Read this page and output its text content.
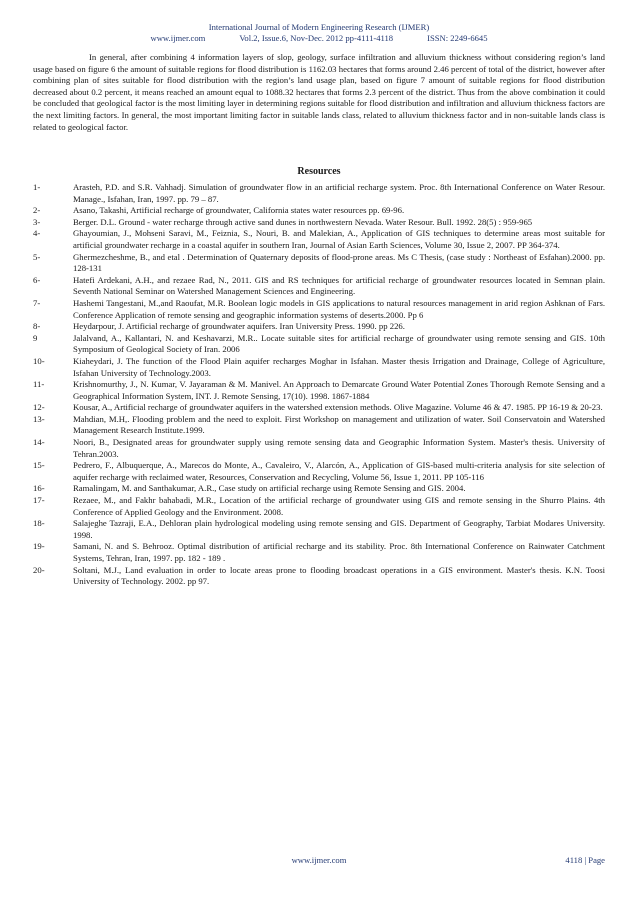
International Journal of Modern Engineering Research (IJMER)
www.ijmer.com	Vol.2, Issue.6, Nov-Dec. 2012 pp-4111-4118	ISSN: 2249-6645

In general, after combining 4 information layers of slop, geology, surface infiltration and alluvium thickness without considering region’s land usage based on figure 6 the amount of suitable regions for flood distribution is 1162.03 hectares that forms around 2.46 percent of total of the district, however after combining plan of sites suitable for flood distribution with the region’s land usage plan, based on figure 7 amount of suitable regions for flood distribution decreased about 0.2 percent, it means reached an amount equal to 1088.32 hectares that forms 2.3 percent of the district. Thus from the above combination it could be concluded that geological factor is the most limiting layer in determining regions suitable for flood distribution and infiltration and alluvium thickness factors are the next limiting factors. In general, the most important limiting factor in suitable lands class, related to alluvium thickness factor and in non-suitable lands class is related to geological factor.

Resources
1-	Arasteh, P.D. and S.R. Vahhadj. Simulation of groundwater flow in an artificial recharge system. Proc. 8th International Conference on Water Resour. Manage., Isfahan, Iran, 1997. pp. 79 – 87.
2-	Asano, Takashi, Artificial recharge of groundwater, California states water resources pp. 69-96.
3-	Berger. D.L. Ground - water recharge through active sand dunes in northwestern Nevada. Water Resour. Bull. 1992. 28(5) : 959-965
4-	Ghayoumian, J., Mohseni Saravi, M., Feiznia, S., Nouri, B. and Malekian, A., Application of GIS techniques to determine areas most suitable for artificial groundwater recharge in a coastal aquifer in southern Iran, Journal of Asian Earth Sciences, Volume 30, Issue 2, 2007. PP 364-374.
5-	Ghermezcheshme, B., and etal . Determination of Quaternary deposits of flood-prone areas. Ms C Thesis, (case study : Northeast of Esfahan).2000. pp. 128-131
6-	Hatefi Ardekani, A.H., and rezaee Rad, N., 2011. GIS and RS techniques for artificial recharge of groundwater resources located in Semnan plain. Seventh National Seminar on Watershed Management Sciences and Engineering.
7-	Hashemi Tangestani, M.,and Raoufat, M.R. Boolean logic models in GIS applications to natural resources management in arid region Ashknan of Fars. Conference Application of remote sensing and geographic information systems of deserts.2000. Pp 6
8-	Heydarpour, J. Artificial recharge of groundwater aquifers. Iran University Press. 1990. pp 226.
9	Jalalvand, A., Kallantari, N. and Keshavarzi, M.R.. Locate suitable sites for artificial recharge of groundwater using remote sensing and GIS. 10th Symposium of Geological Society of Iran. 2006
10-	Kiaheydari, J. The function of the Flood Plain aquifer recharges Moghar in Isfahan. Master thesis Irrigation and Drainage, College of Agriculture, Isfahan University of Technology.2003.
11-	Krishnomurthy, J., N. Kumar, V. Jayaraman & M. Manivel. An Approach to Demarcate Ground Water Potential Zones Thorough Remote Sensing and a Geographical Information System, INT. J. Remote Sensing, 17(10). 1998. 1867-1884
12-	Kousar, A., Artificial recharge of groundwater aquifers in the watershed extension methods. Olive Magazine. Volume 46 & 47. 1985. PP 16-19 & 20-23.
13-	Mahdian, M.H,. Flooding problem and the need to exploit. First Workshop on management and utilization of water. Soil Conservatoin and Watershed Management Research Institute.1999.
14-	Noori, B., Designated areas for groundwater supply using remote sensing data and Geographic Information System. Master's thesis. University of Tehran.2003.
15-	Pedrero, F., Albuquerque, A., Marecos do Monte, A., Cavaleiro, V., Alarcón, A., Application of GIS-based multi-criteria analysis for site selection of aquifer recharge with reclaimed water, Resources, Conservation and Recycling, Volume 56, Issue 1, 2011. PP 105-116
16-	Ramalingam, M. and Santhakumar, A.R., Case study on artificial recharge using Remote Sensing and GIS. 2004.
17-	Rezaee, M., and Fakhr bahabadi, M.R., Location of the artificial recharge of groundwater using GIS and remote sensing in the Shurro Plains. 4th Conference of Applied Geology and the Environment. 2008.
18-	Salajeghe Tazraji, E.A., Dehloran plain hydrological modeling using remote sensing and GIS. Department of Geography, Tarbiat Modares University. 1998.
19-	Samani, N. and S. Behrooz. Optimal distribution of artificial recharge and its stability. Proc. 8th International Conference on Rainwater Catchment Systems, Tehran, Iran, 1997. pp. 182 - 189 .
20-	Soltani, M.J., Land evaluation in order to locate areas prone to flooding broadcast operations in a GIS environment. Master's thesis. K.N. Toosi University of Technology. 2002. pp 97.
www.ijmer.com	4118 | Page
